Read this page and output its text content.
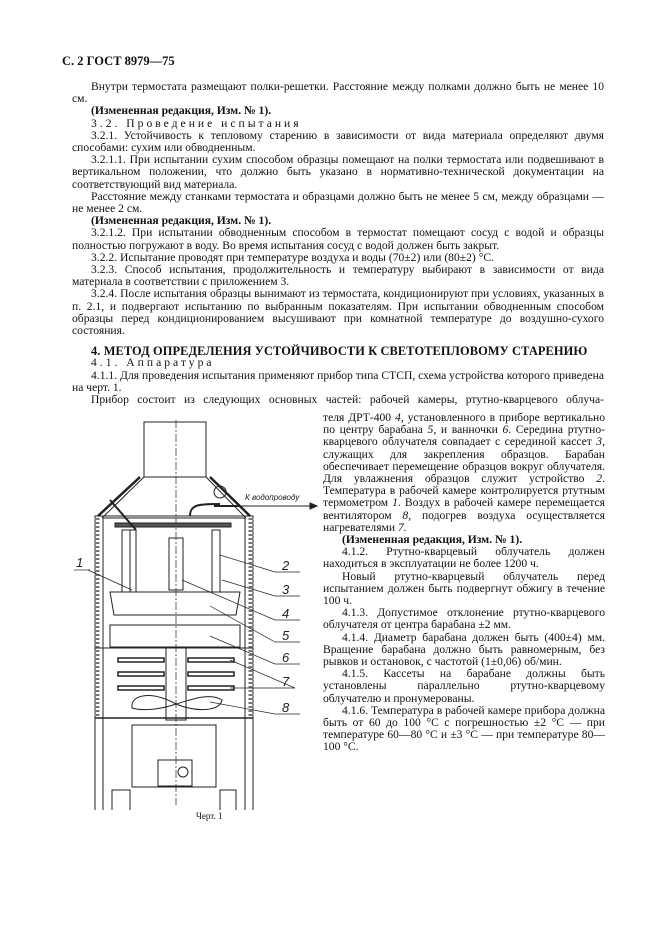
С. 2 ГОСТ 8979—75

Внутри термостата размещают полки-решетки. Расстояние между полками должно быть не менее 10 см.

(Измененная редакция, Изм. № 1).

3.2. Проведение испытания

3.2.1. Устойчивость к тепловому старению в зависимости от вида материала определяют двумя способами: сухим или обводненным.

3.2.1.1. При испытании сухим способом образцы помещают на полки термостата или подвешивают в вертикальном положении, что должно быть указано в нормативно-технической документации на соответствующий вид материала.

Расстояние между станками термостата и образцами должно быть не менее 5 см, между образцами — не менее 2 см.

(Измененная редакция, Изм. № 1).

3.2.1.2. При испытании обводненным способом в термостат помещают сосуд с водой и образцы полностью погружают в воду. Во время испытания сосуд с водой должен быть закрыт.

3.2.2. Испытание проводят при температуре воздуха и воды (70±2) или (80±2) °С.

3.2.3. Способ испытания, продолжительность и температуру выбирают в зависимости от вида материала в соответствии с приложением 3.

3.2.4. После испытания образцы вынимают из термостата, кондиционируют при условиях, указанных в п. 2.1, и подвергают испытанию по выбранным показателям. При испытании обводненным способом образцы перед кондиционированием высушивают при комнатной температуре до воздушно-сухого состояния.

4. МЕТОД ОПРЕДЕЛЕНИЯ УСТОЙЧИВОСТИ К СВЕТОТЕПЛОВОМУ СТАРЕНИЮ

4.1. Аппаратура

4.1.1. Для проведения испытания применяют прибор типа СТСП, схема устройства которого приведена на черт. 1.

Прибор состоит из следующих основных частей: рабочей камеры, ртутно-кварцевого облуча-

теля ДРТ-400 4, установленного в приборе вертикально по центру барабана 5, и ванночки 6. Середина ртутно-кварцевого облучателя совпадает с серединой кассет 3, служащих для закрепления образцов. Барабан обеспечивает перемещение образцов вокруг облучателя. Для увлажнения образцов служит устройство 2. Температура в рабочей камере контролируется ртутным термометром 1. Воздух в рабочей камере перемещается вентилятором 8, подогрев воздуха осуществляется нагревателями 7.

(Измененная редакция, Изм. № 1).

4.1.2. Ртутно-кварцевый облучатель должен находиться в эксплуатации не более 1200 ч.

Новый ртутно-кварцевый облучатель перед испытанием должен быть подвергнут обжигу в течение 100 ч.

4.1.3. Допустимое отклонение ртутно-кварцевого облучателя от центра барабана ±2 мм.

4.1.4. Диаметр барабана должен быть (400±4) мм. Вращение барабана должно быть равномерным, без рывков и остановок, с частотой (1±0,06) об/мин.

4.1.5. Кассеты на барабане должны быть установлены параллельно ртутно-кварцевому облучателю и пронумерованы.

4.1.6. Температура в рабочей камере прибора должна быть от 60 до 100 °С с погрешностью ±2 °С — при температуре 60—80 °С и ±3 °С — при температуре 80—100 °С.

К водопроводу
1	2
3
4
5
6
7
8
Черт. 1
